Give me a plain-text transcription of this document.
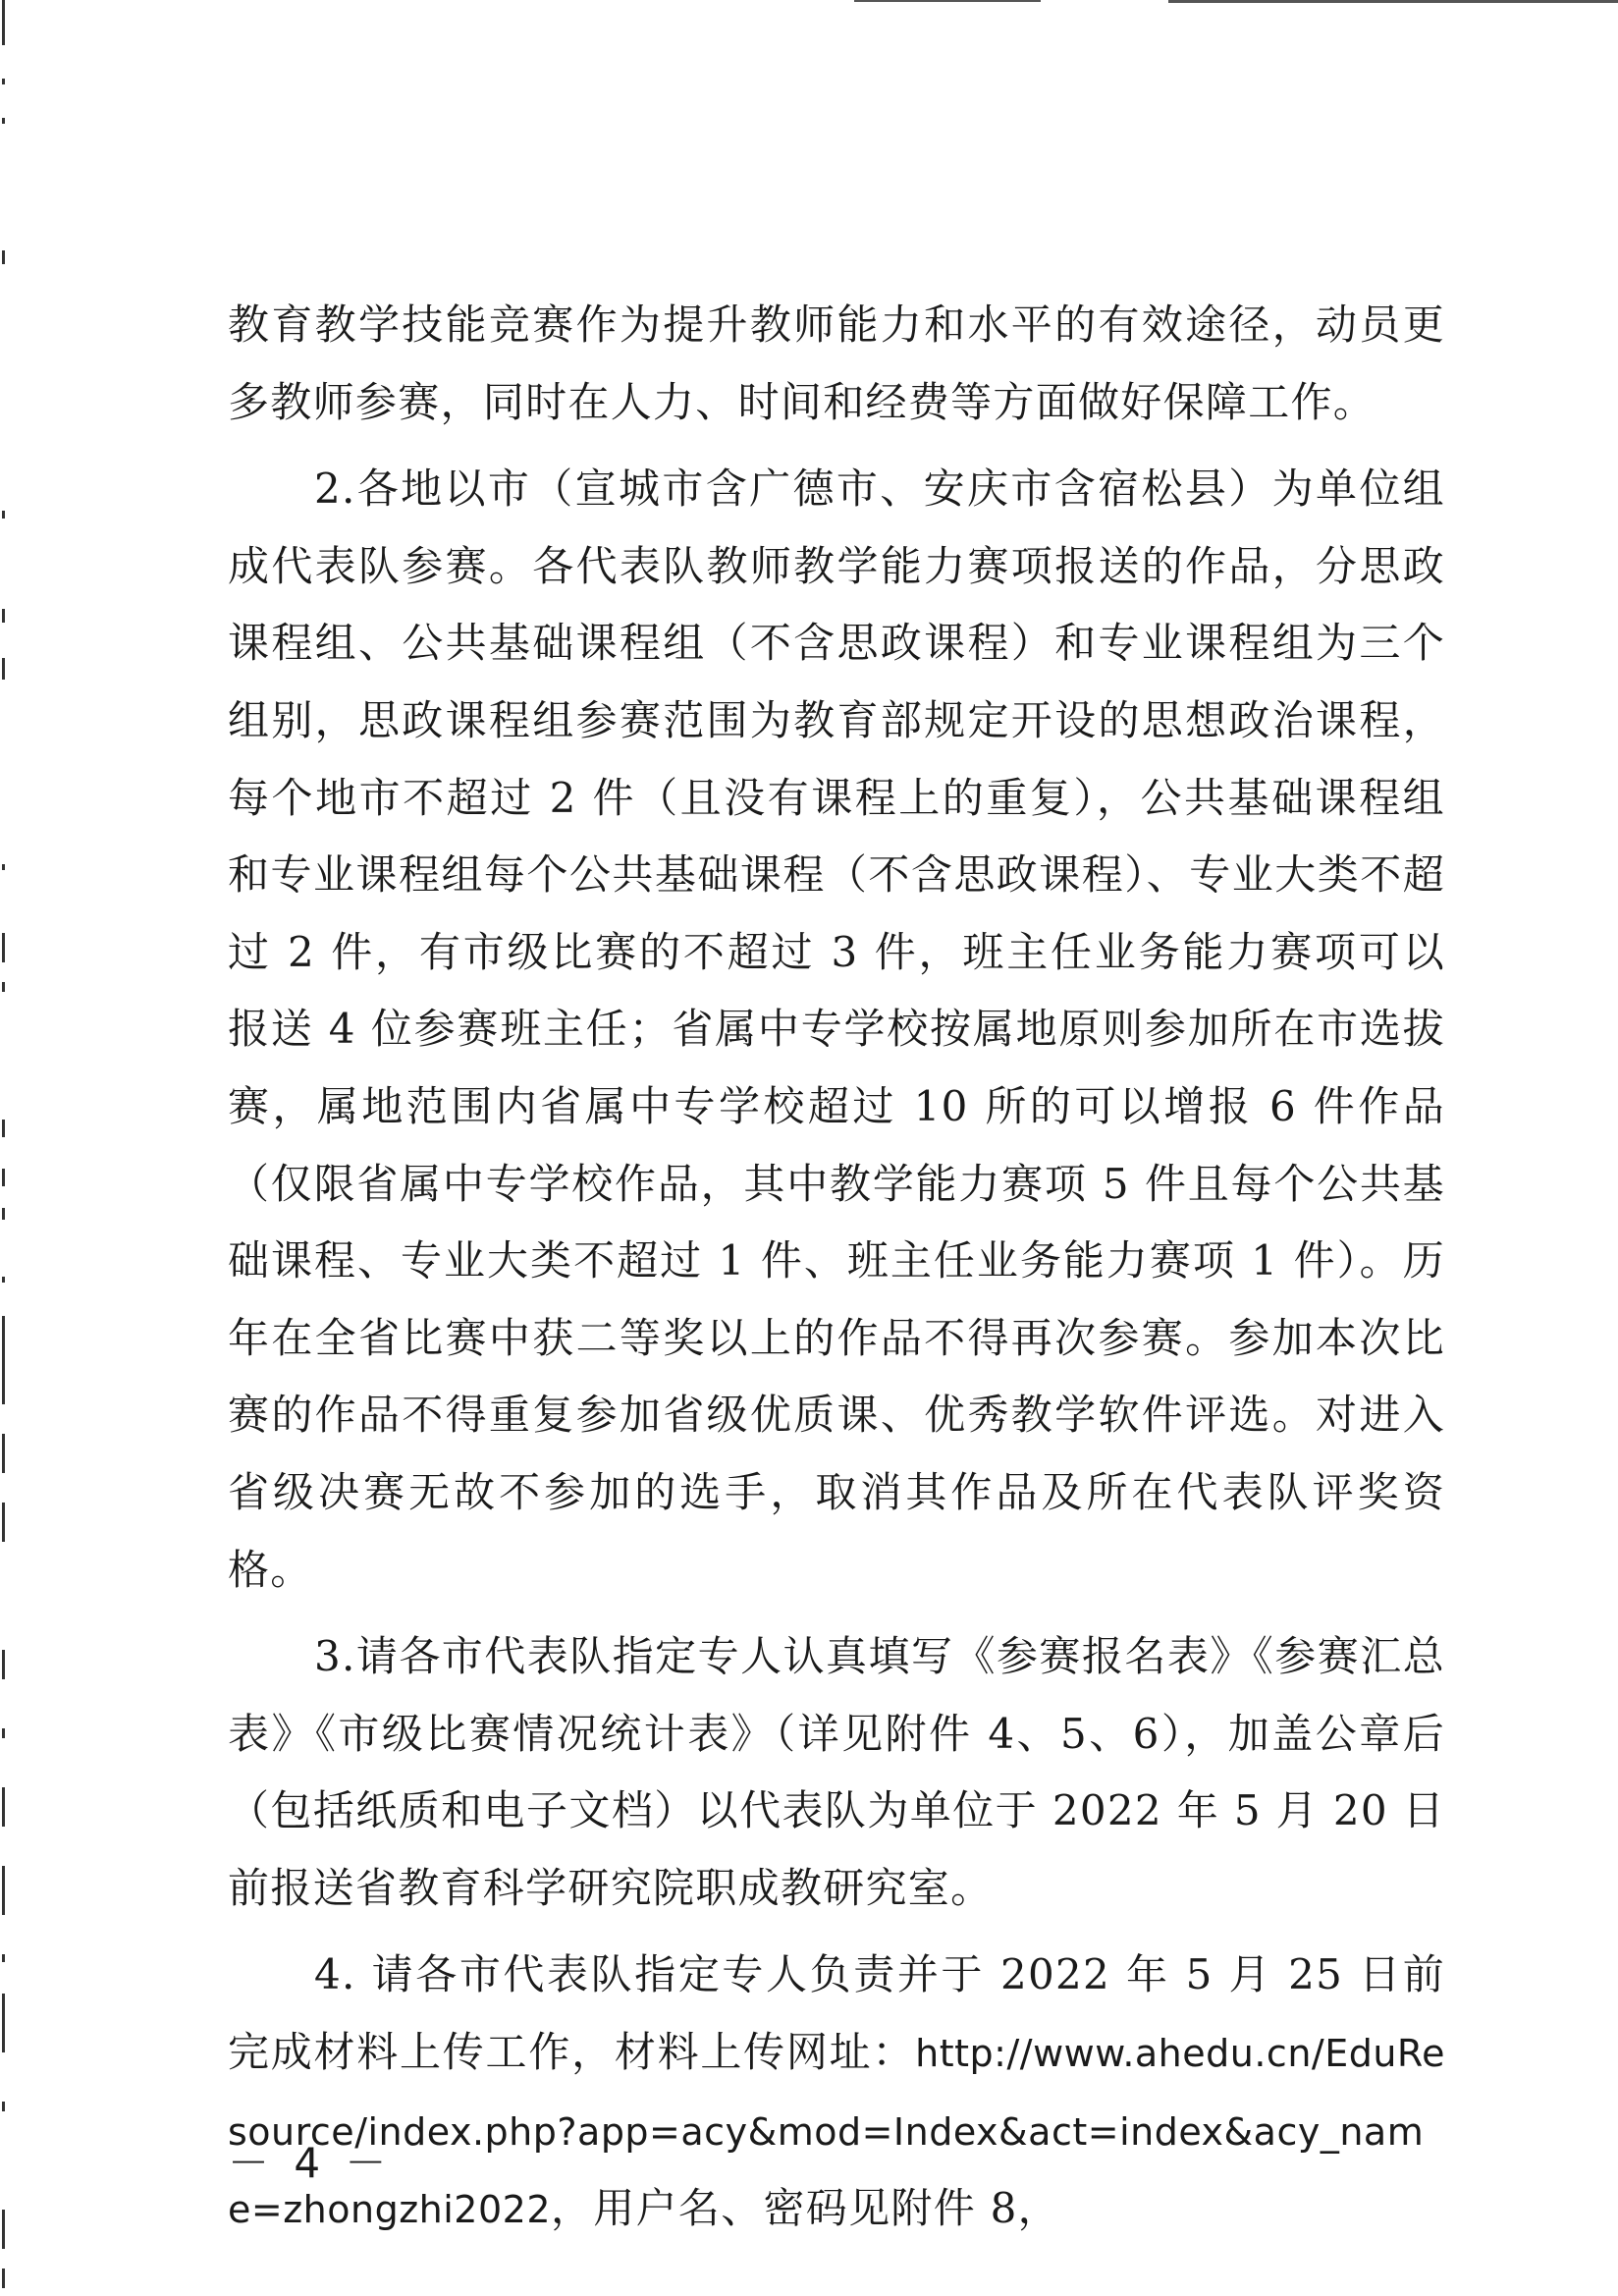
教育教学技能竞赛作为提升教师能力和水平的有效途径，动员更多教师参赛，同时在人力、时间和经费等方面做好保障工作。

2.各地以市（宣城市含广德市、安庆市含宿松县）为单位组成代表队参赛。各代表队教师教学能力赛项报送的作品，分思政课程组、公共基础课程组（不含思政课程）和专业课程组为三个组别，思政课程组参赛范围为教育部规定开设的思想政治课程，每个地市不超过 2 件（且没有课程上的重复），公共基础课程组和专业课程组每个公共基础课程（不含思政课程）、专业大类不超过 2 件，有市级比赛的不超过 3 件，班主任业务能力赛项可以报送 4 位参赛班主任；省属中专学校按属地原则参加所在市选拔赛，属地范围内省属中专学校超过 10 所的可以增报 6 件作品（仅限省属中专学校作品，其中教学能力赛项 5 件且每个公共基础课程、专业大类不超过 1 件、班主任业务能力赛项 1 件）。历年在全省比赛中获二等奖以上的作品不得再次参赛。参加本次比赛的作品不得重复参加省级优质课、优秀教学软件评选。对进入省级决赛无故不参加的选手，取消其作品及所在代表队评奖资格。

3.请各市代表队指定专人认真填写《参赛报名表》《参赛汇总表》《市级比赛情况统计表》（详见附件 4、5、6），加盖公章后（包括纸质和电子文档）以代表队为单位于 2022 年 5 月 20 日前报送省教育科学研究院职成教研究室。

4. 请各市代表队指定专人负责并于 2022 年 5 月 25 日前完成材料上传工作，材料上传网址：http://www.ahedu.cn/EduResource/index.php?app=acy&mod=Index&act=index&acy_name=zhongzhi2022，用户名、密码见附件 8，

－ 4 －
